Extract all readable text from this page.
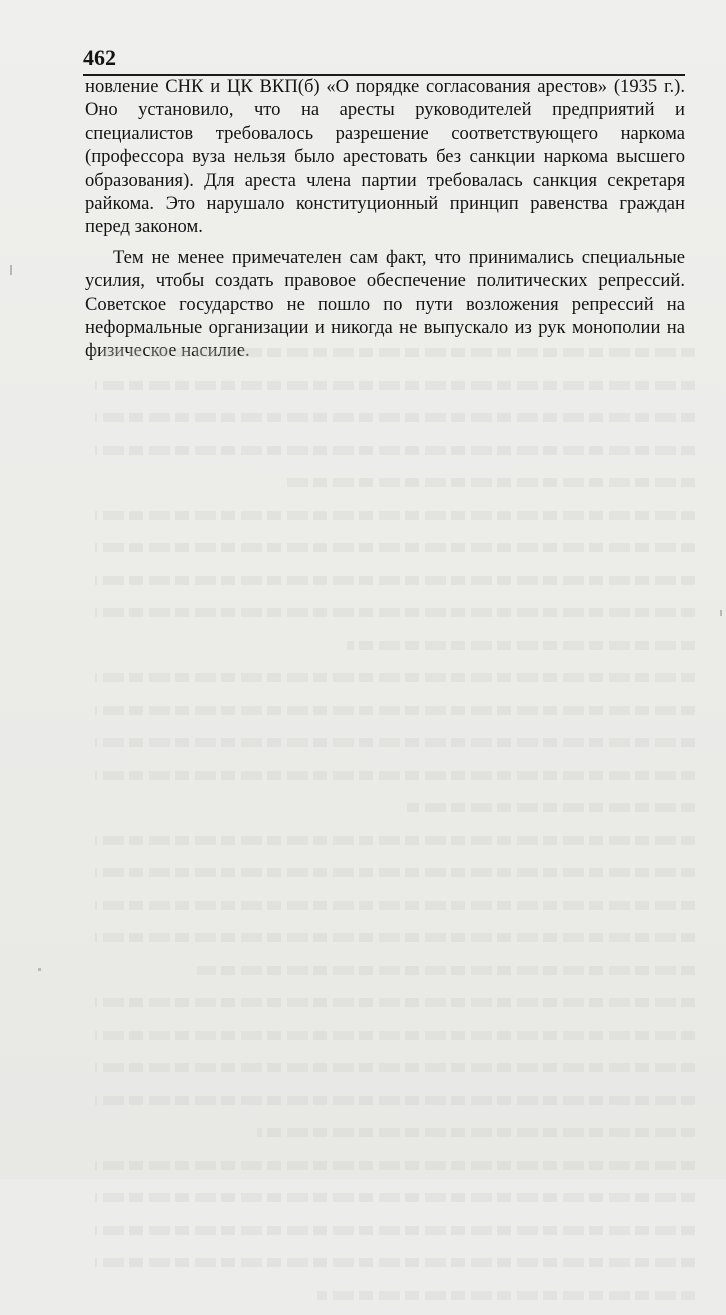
462

новление СНК и ЦК ВКП(б) «О порядке согласования арестов» (1935 г.). Оно установило, что на аресты руководителей предприятий и специалистов требовалось разрешение соответствующего наркома (профессора вуза нельзя было арестовать без санкции наркома высшего образования). Для ареста члена партии требовалась санкция секретаря райкома. Это нарушало конституционный принцип равенства граждан перед законом.

Тем не менее примечателен сам факт, что принимались специальные усилия, чтобы создать правовое обеспечение политических репрессий. Советское государство не пошло по пути возложения репрессий на неформальные организации и никогда не выпускало из рук монополии на физическое насилие.
